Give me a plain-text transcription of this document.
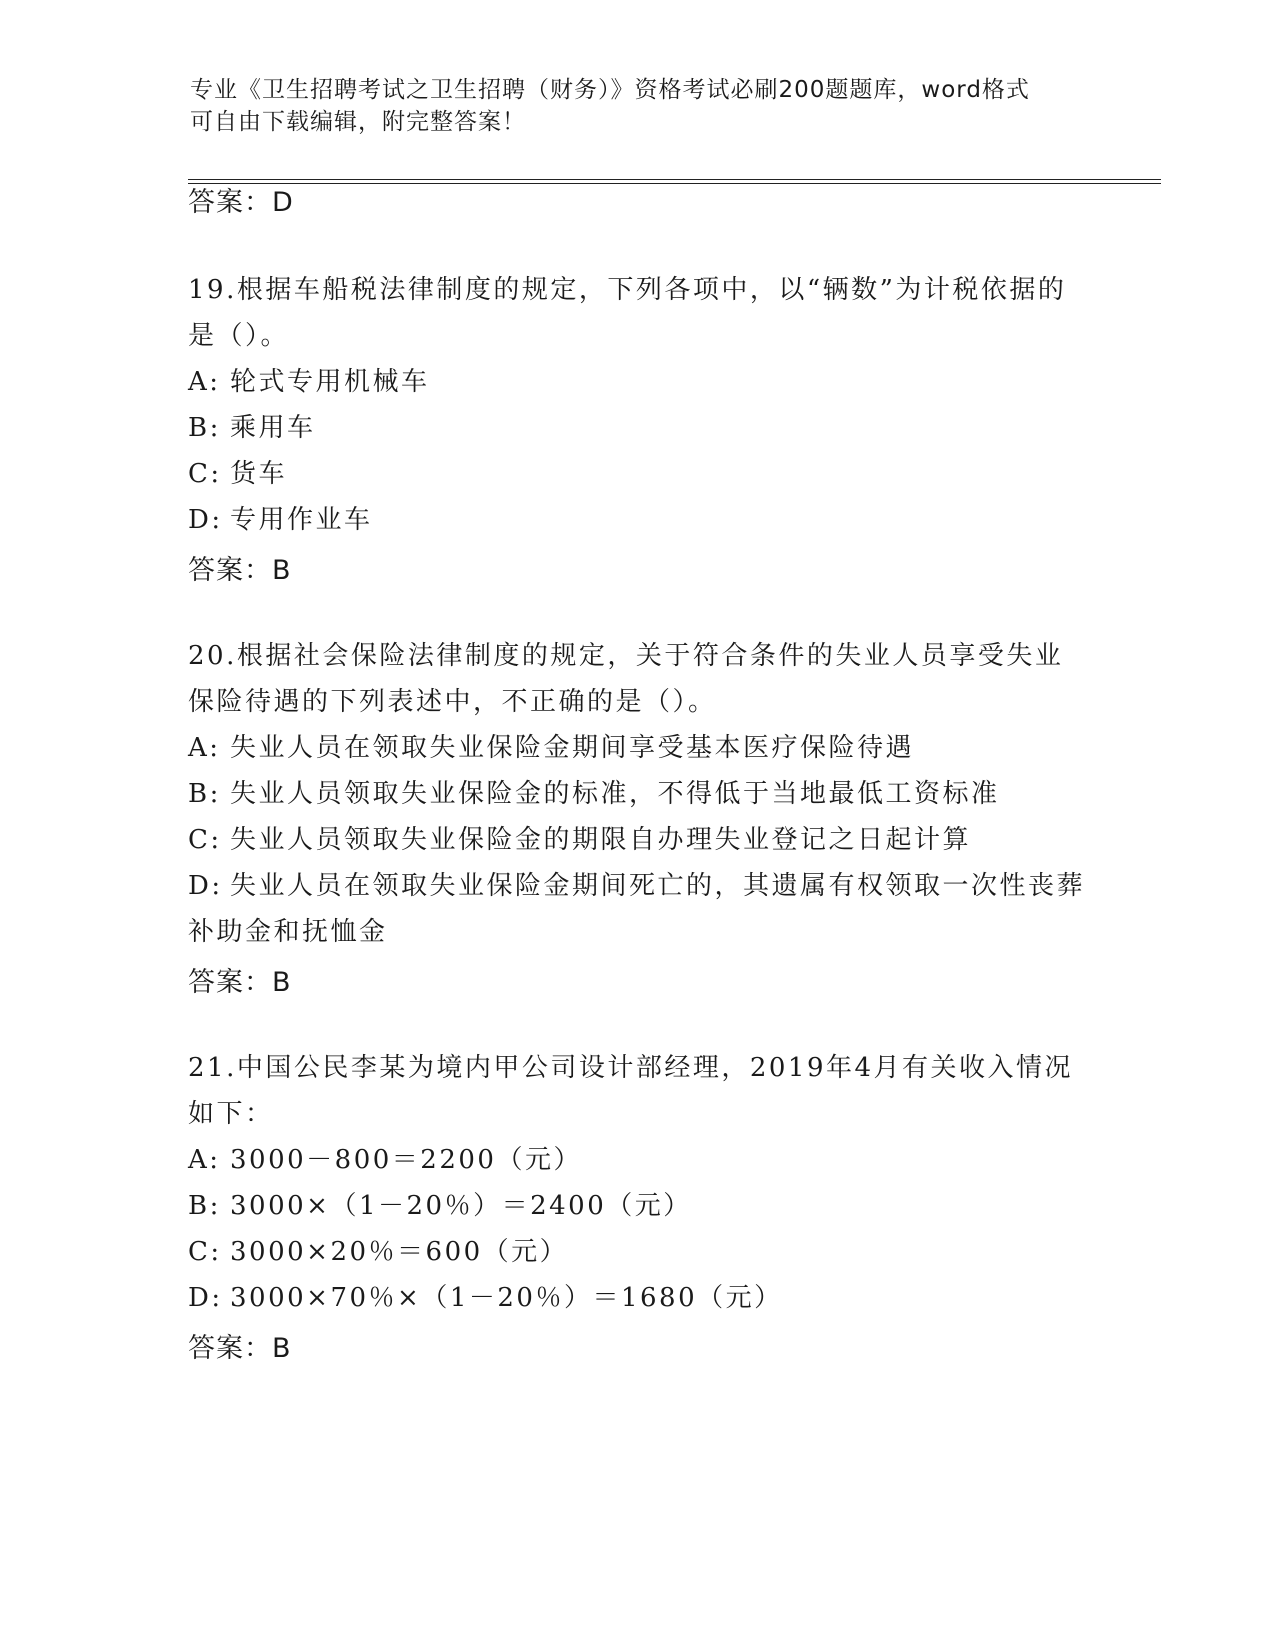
专业《卫生招聘考试之卫生招聘（财务）》资格考试必刷200题题库，word格式
可自由下载编辑，附完整答案！
答案：D

19.根据车船税法律制度的规定，下列各项中，以“辆数”为计税依据的是（）。

A: 轮式专用机械车

B: 乘用车

C: 货车

D: 专用作业车

答案：B

20.根据社会保险法律制度的规定，关于符合条件的失业人员享受失业保险待遇的下列表述中，不正确的是（）。

A: 失业人员在领取失业保险金期间享受基本医疗保险待遇

B: 失业人员领取失业保险金的标准，不得低于当地最低工资标准

C: 失业人员领取失业保险金的期限自办理失业登记之日起计算

D: 失业人员在领取失业保险金期间死亡的，其遗属有权领取一次性丧葬补助金和抚恤金

答案：B

21.中国公民李某为境内甲公司设计部经理，2019年4月有关收入情况如下：

A: 3000－800＝2200（元）

B: 3000×（1－20％）＝2400（元）

C: 3000×20％＝600（元）

D: 3000×70％×（1－20％）＝1680（元）

答案：B
